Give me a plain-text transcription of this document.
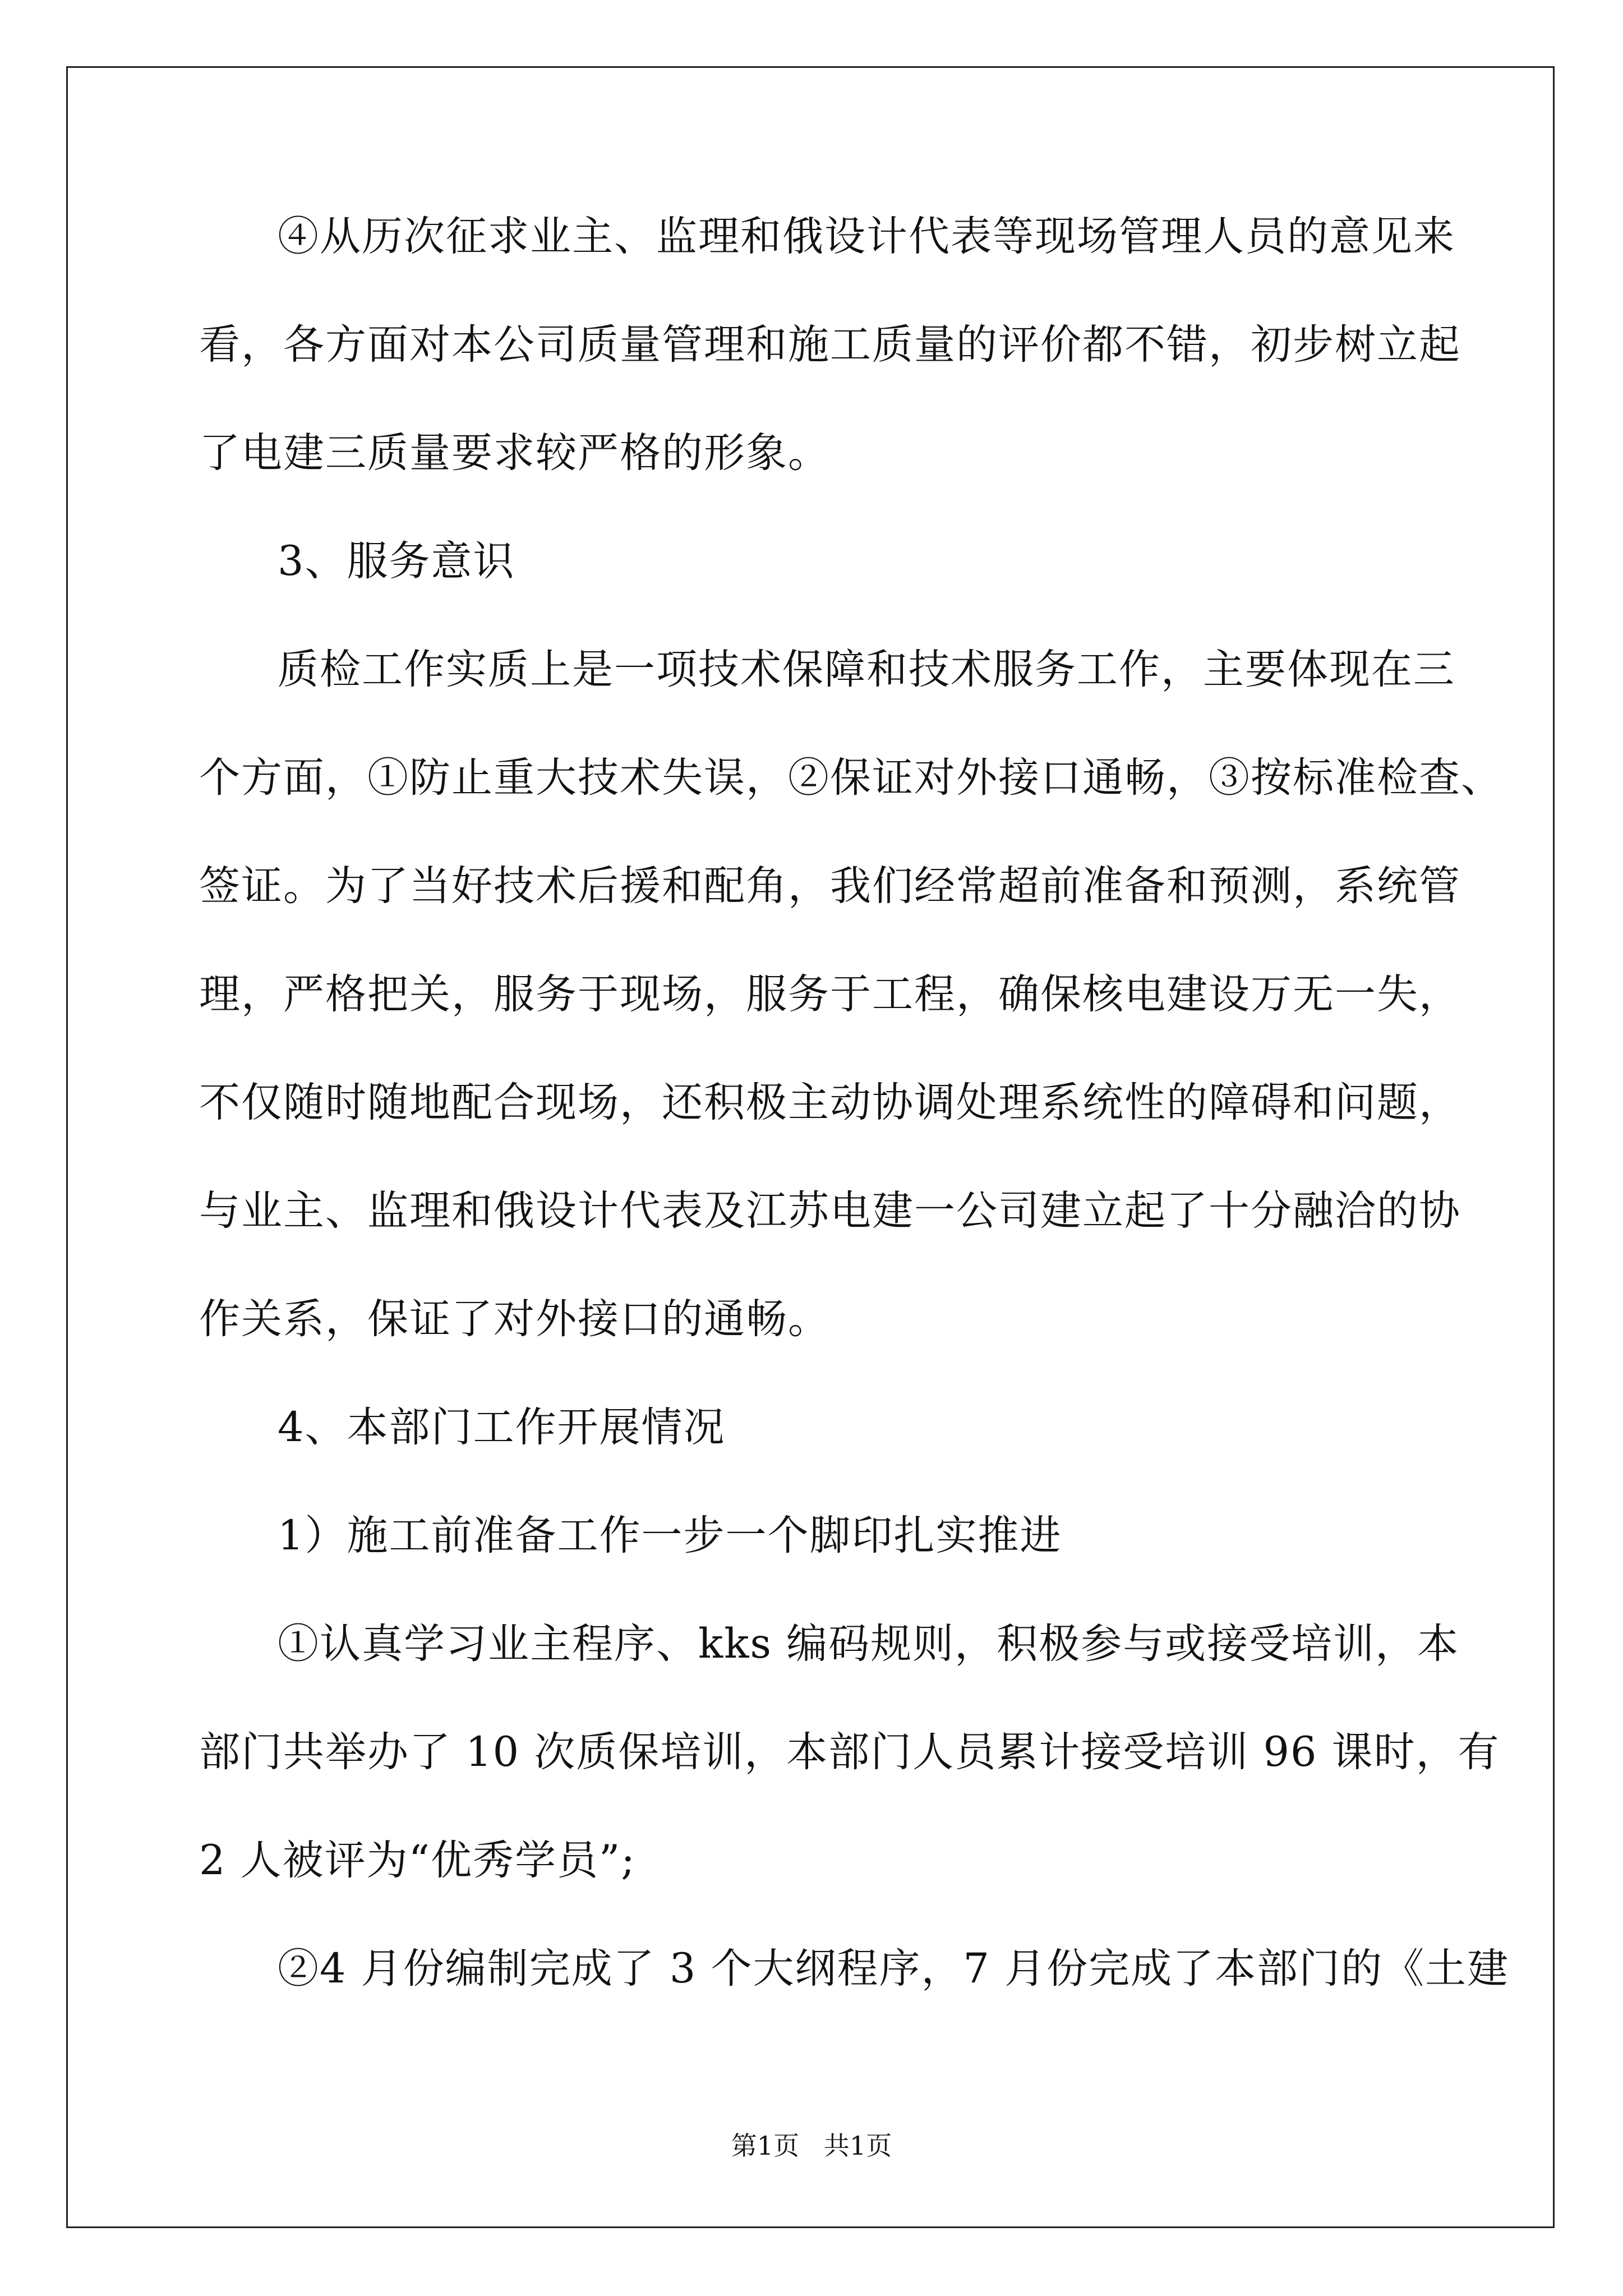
④从历次征求业主、监理和俄设计代表等现场管理人员的意见来
看，各方面对本公司质量管理和施工质量的评价都不错，初步树立起
了电建三质量要求较严格的形象。
3、服务意识
质检工作实质上是一项技术保障和技术服务工作，主要体现在三
个方面，①防止重大技术失误，②保证对外接口通畅，③按标准检查、
签证。为了当好技术后援和配角，我们经常超前准备和预测，系统管
理，严格把关，服务于现场，服务于工程，确保核电建设万无一失，
不仅随时随地配合现场，还积极主动协调处理系统性的障碍和问题，
与业主、监理和俄设计代表及江苏电建一公司建立起了十分融洽的协
作关系，保证了对外接口的通畅。
4、本部门工作开展情况
1）施工前准备工作一步一个脚印扎实推进
①认真学习业主程序、kks 编码规则，积极参与或接受培训，本
部门共举办了 10 次质保培训，本部门人员累计接受培训 96 课时，有
2 人被评为“优秀学员”;
②4 月份编制完成了 3 个大纲程序，7 月份完成了本部门的《土建
第1页   共1页
